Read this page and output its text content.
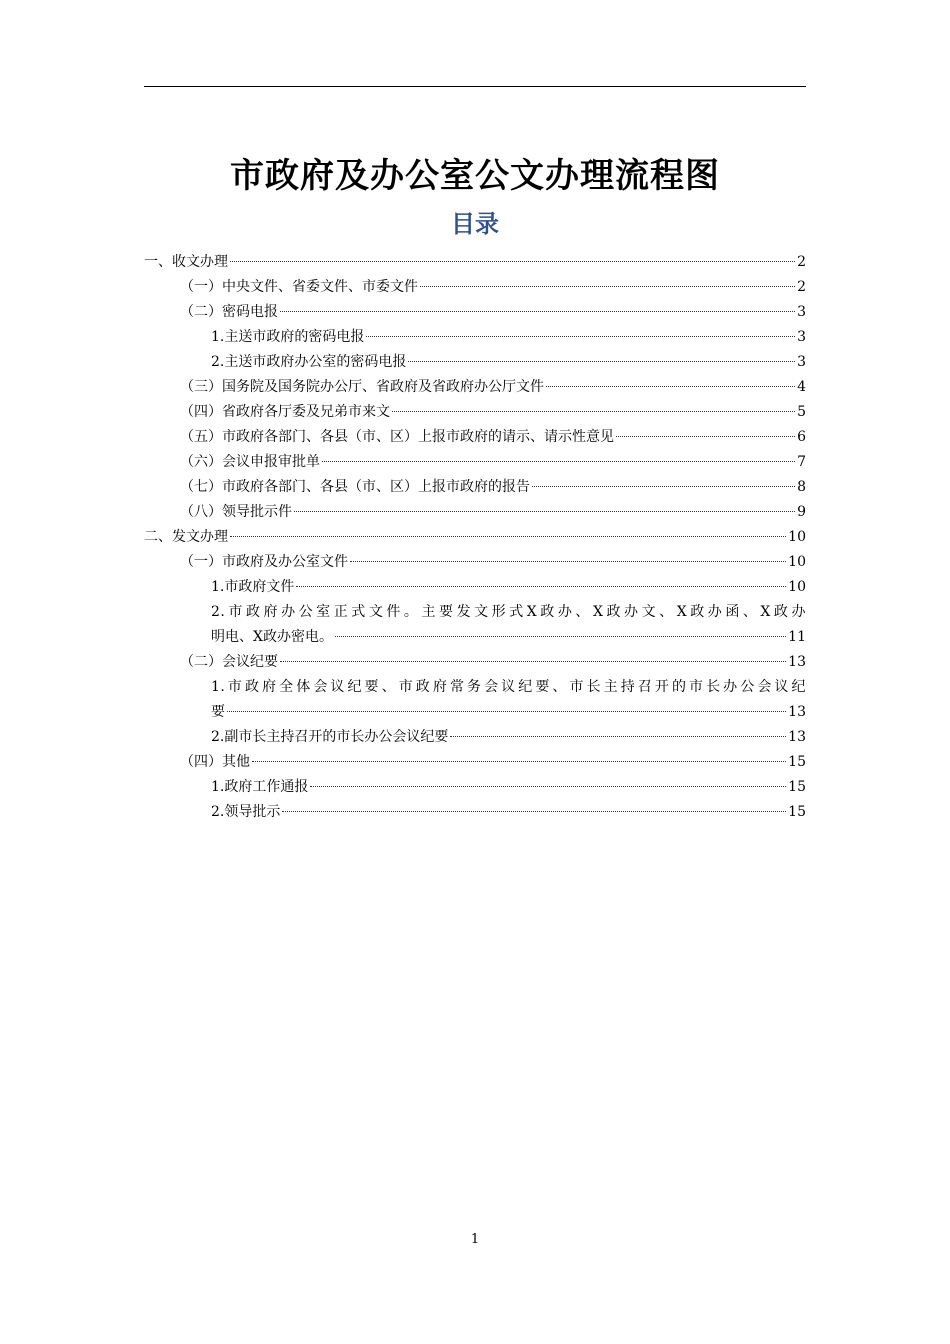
市政府及办公室公文办理流程图
目录
一、收文办理	2
（一）中央文件、省委文件、市委文件	2
（二）密码电报	3
1.主送市政府的密码电报	3
2.主送市政府办公室的密码电报	3
（三）国务院及国务院办公厅、省政府及省政府办公厅文件	4
（四）省政府各厅委及兄弟市来文	5
（五）市政府各部门、各县（市、区）上报市政府的请示、请示性意见	6
（六）会议申报审批单	7
（七）市政府各部门、各县（市、区）上报市政府的报告	8
（八）领导批示件	9
二、发文办理	10
（一）市政府及办公室文件	10
1.市政府文件	10
2.市政府办公室正式文件。主要发文形式X政办、X政办文、X政办函、X政办
明电、X政办密电。	11
（二）会议纪要	13
1.市政府全体会议纪要、市政府常务会议纪要、市长主持召开的市长办公会议纪
要	13
2.副市长主持召开的市长办公会议纪要	13
（四）其他	15
1.政府工作通报	15
2.领导批示	15
1
